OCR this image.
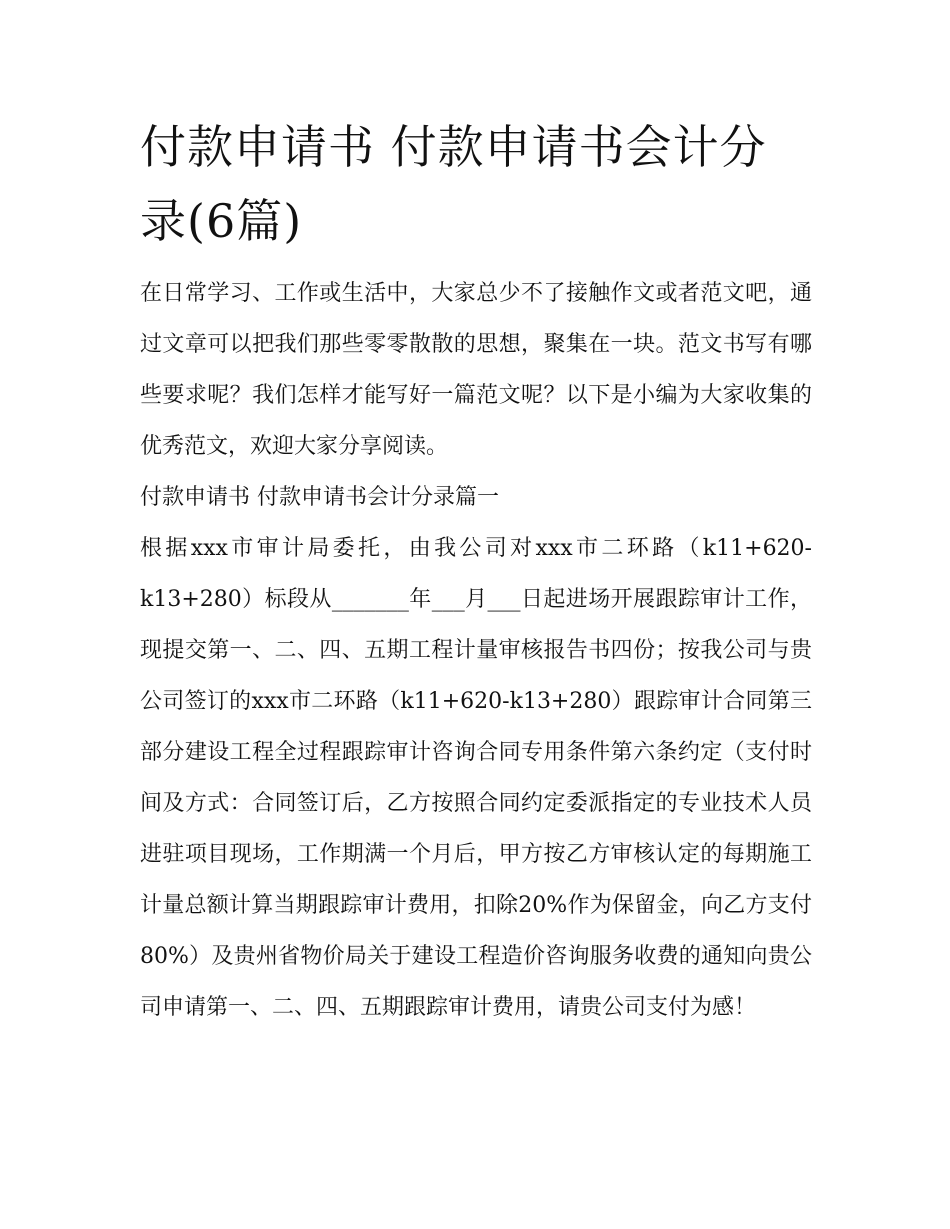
付款申请书 付款申请书会计分录(6篇)

在日常学习、工作或生活中，大家总少不了接触作文或者范文吧，通过文章可以把我们那些零零散散的思想，聚集在一块。范文书写有哪些要求呢？我们怎样才能写好一篇范文呢？以下是小编为大家收集的优秀范文，欢迎大家分享阅读。

付款申请书 付款申请书会计分录篇一

根据xxx市审计局委托，由我公司对xxx市二环路（k11+620-k13+280）标段从_______年___月___日起进场开展跟踪审计工作，现提交第一、二、四、五期工程计量审核报告书四份；按我公司与贵公司签订的xxx市二环路（k11+620-k13+280）跟踪审计合同第三部分建设工程全过程跟踪审计咨询合同专用条件第六条约定（支付时间及方式：合同签订后，乙方按照合同约定委派指定的专业技术人员进驻项目现场，工作期满一个月后，甲方按乙方审核认定的每期施工计量总额计算当期跟踪审计费用，扣除20%作为保留金，向乙方支付80%）及贵州省物价局关于建设工程造价咨询服务收费的通知向贵公司申请第一、二、四、五期跟踪审计费用，请贵公司支付为感！
